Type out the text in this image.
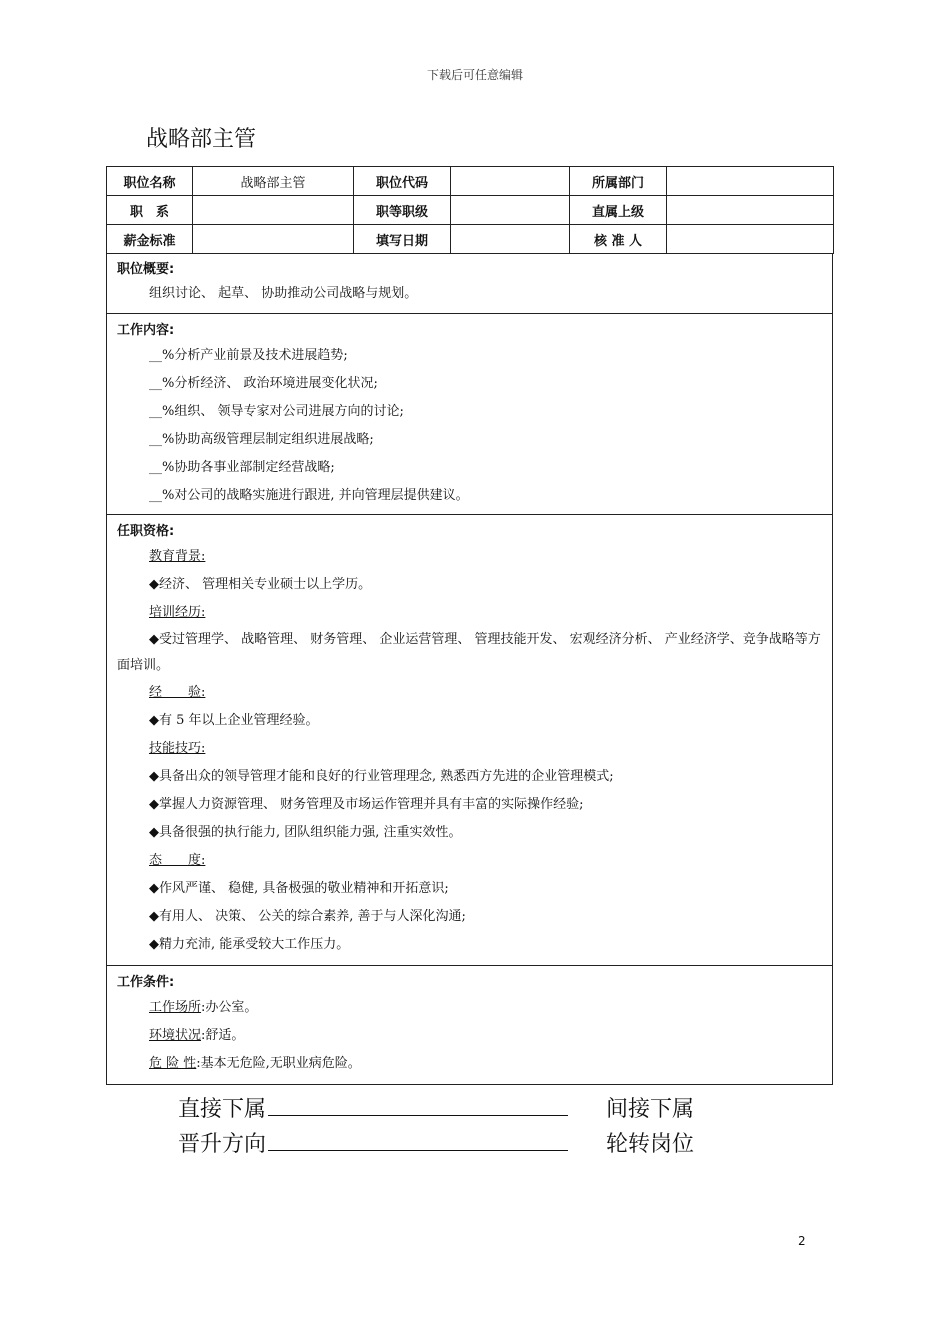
下载后可任意编辑
战略部主管
职位名称	战略部主管	职位代码		所属部门	
职　系		职等职级		直属上级	
薪金标准		填写日期		核 准 人	
职位概要:
组织讨论、 起草、 协助推动公司战略与规划。
工作内容:
__%分析产业前景及技术进展趋势;
__%分析经济、 政治环境进展变化状况;
__%组织、 领导专家对公司进展方向的讨论;
__%协助高级管理层制定组织进展战略;
__%协助各事业部制定经营战略;
__%对公司的战略实施进行跟进, 并向管理层提供建议。
任职资格:
教育背景:
◆经济、 管理相关专业硕士以上学历。
培训经历:
◆受过管理学、 战略管理、 财务管理、 企业运营管理、 管理技能开发、 宏观经济分析、 产业经济学、竞争战略等方面培训。
经　　验:
◆有 5 年以上企业管理经验。
技能技巧:
◆具备出众的领导管理才能和良好的行业管理理念, 熟悉西方先进的企业管理模式;
◆掌握人力资源管理、 财务管理及市场运作管理并具有丰富的实际操作经验;
◆具备很强的执行能力, 团队组织能力强, 注重实效性。
态　　度:
◆作风严谨、 稳健, 具备极强的敬业精神和开拓意识;
◆有用人、 决策、 公关的综合素养, 善于与人深化沟通;
◆精力充沛, 能承受较大工作压力。
工作条件:
工作场所:办公室。
环境状况:舒适。
危 险 性:基本无危险,无职业病危险。
直接下属	间接下属
晋升方向	轮转岗位
2
